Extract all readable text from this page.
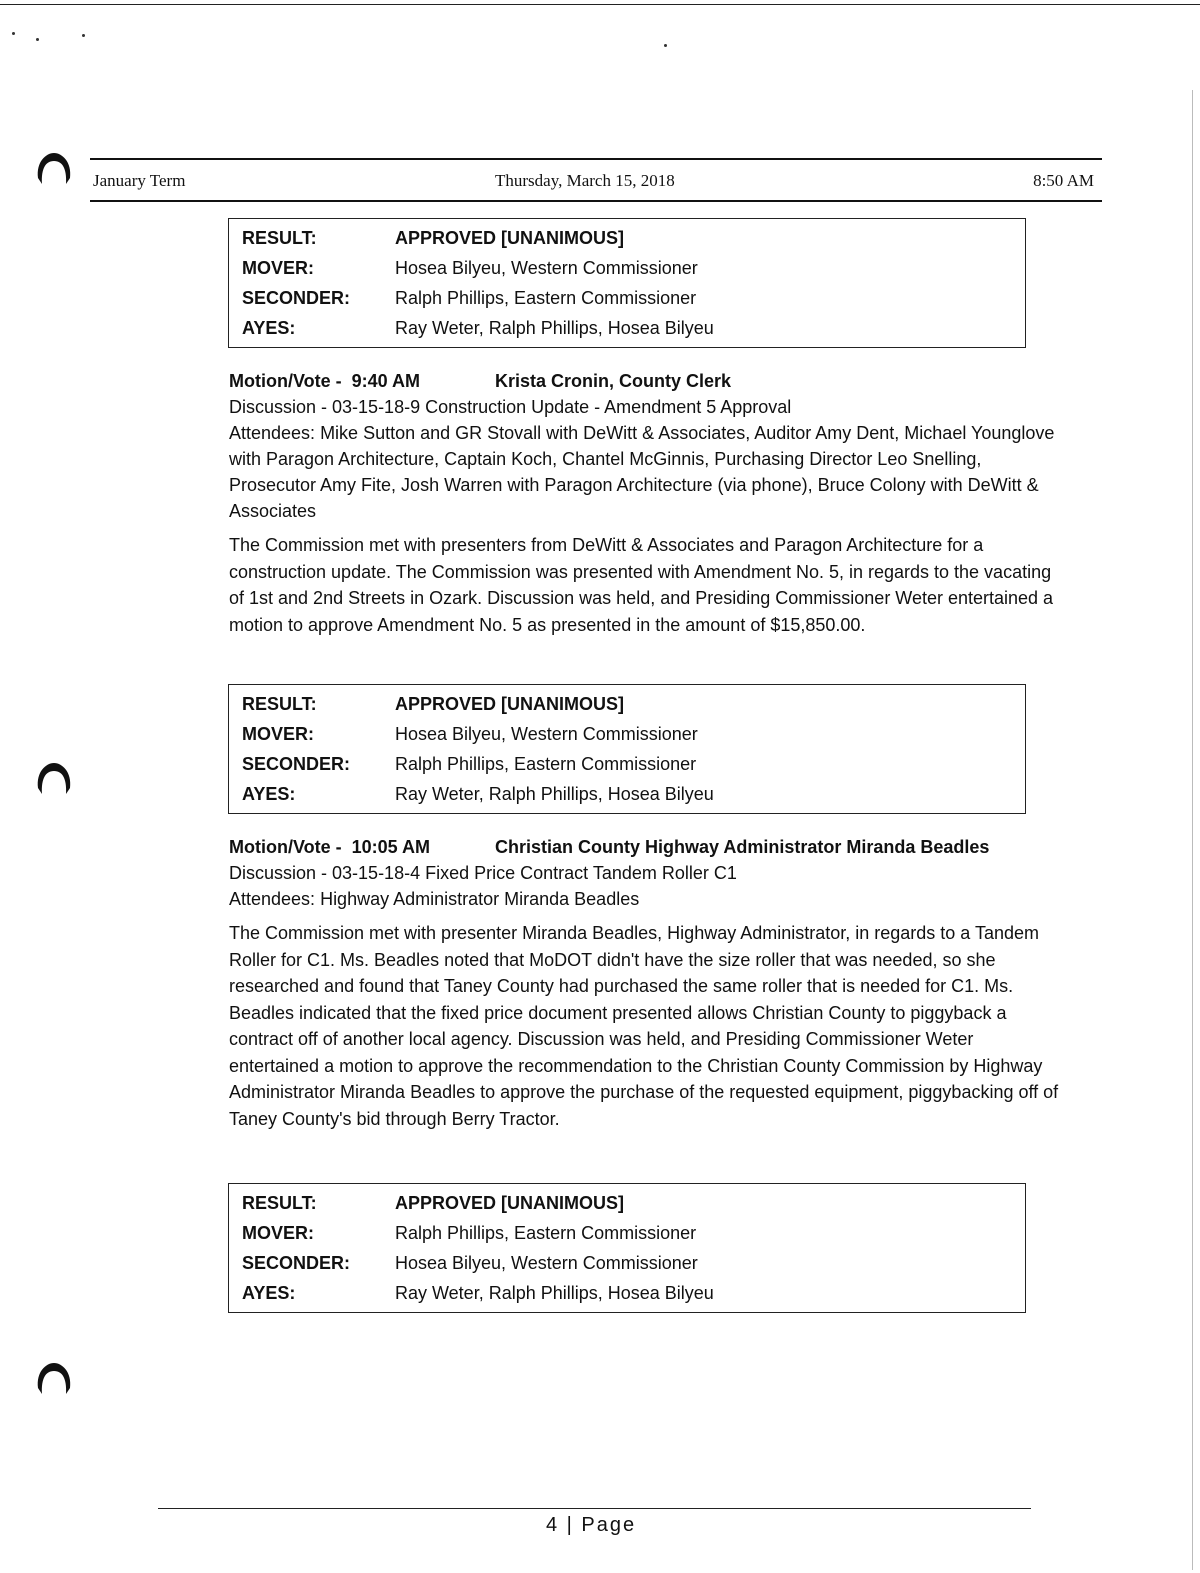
January Term	Thursday, March 15, 2018	8:50 AM
RESULT:	APPROVED [UNANIMOUS]
MOVER:	Hosea Bilyeu, Western Commissioner
SECONDER:	Ralph Phillips, Eastern Commissioner
AYES:	Ray Weter, Ralph Phillips, Hosea Bilyeu
Motion/Vote -  9:40 AM	Krista Cronin, County Clerk
Discussion - 03-15-18-9 Construction Update - Amendment 5 Approval
Attendees: Mike Sutton and GR Stovall with DeWitt & Associates, Auditor Amy Dent, Michael Younglove with Paragon Architecture, Captain Koch, Chantel McGinnis, Purchasing Director Leo Snelling, Prosecutor Amy Fite, Josh Warren with Paragon Architecture (via phone), Bruce Colony with DeWitt & Associates
The Commission met with presenters from DeWitt & Associates and Paragon Architecture for a construction update. The Commission was presented with Amendment No. 5, in regards to the vacating of 1st and 2nd Streets in Ozark. Discussion was held, and Presiding Commissioner Weter entertained a motion to approve Amendment No. 5 as presented in the amount of $15,850.00.
RESULT:	APPROVED [UNANIMOUS]
MOVER:	Hosea Bilyeu, Western Commissioner
SECONDER:	Ralph Phillips, Eastern Commissioner
AYES:	Ray Weter, Ralph Phillips, Hosea Bilyeu
Motion/Vote -  10:05 AM	Christian County Highway Administrator Miranda Beadles
Discussion - 03-15-18-4 Fixed Price Contract Tandem Roller C1
Attendees: Highway Administrator Miranda Beadles
The Commission met with presenter Miranda Beadles, Highway Administrator, in regards to a Tandem Roller for C1. Ms. Beadles noted that MoDOT didn't have the size roller that was needed, so she researched and found that Taney County had purchased the same roller that is needed for C1. Ms. Beadles indicated that the fixed price document presented allows Christian County to piggyback a contract off of another local agency. Discussion was held, and Presiding Commissioner Weter entertained a motion to approve the recommendation to the Christian County Commission by Highway Administrator Miranda Beadles to approve the purchase of the requested equipment, piggybacking off of Taney County's bid through Berry Tractor.
RESULT:	APPROVED [UNANIMOUS]
MOVER:	Ralph Phillips, Eastern Commissioner
SECONDER:	Hosea Bilyeu, Western Commissioner
AYES:	Ray Weter, Ralph Phillips, Hosea Bilyeu
4 | Page
